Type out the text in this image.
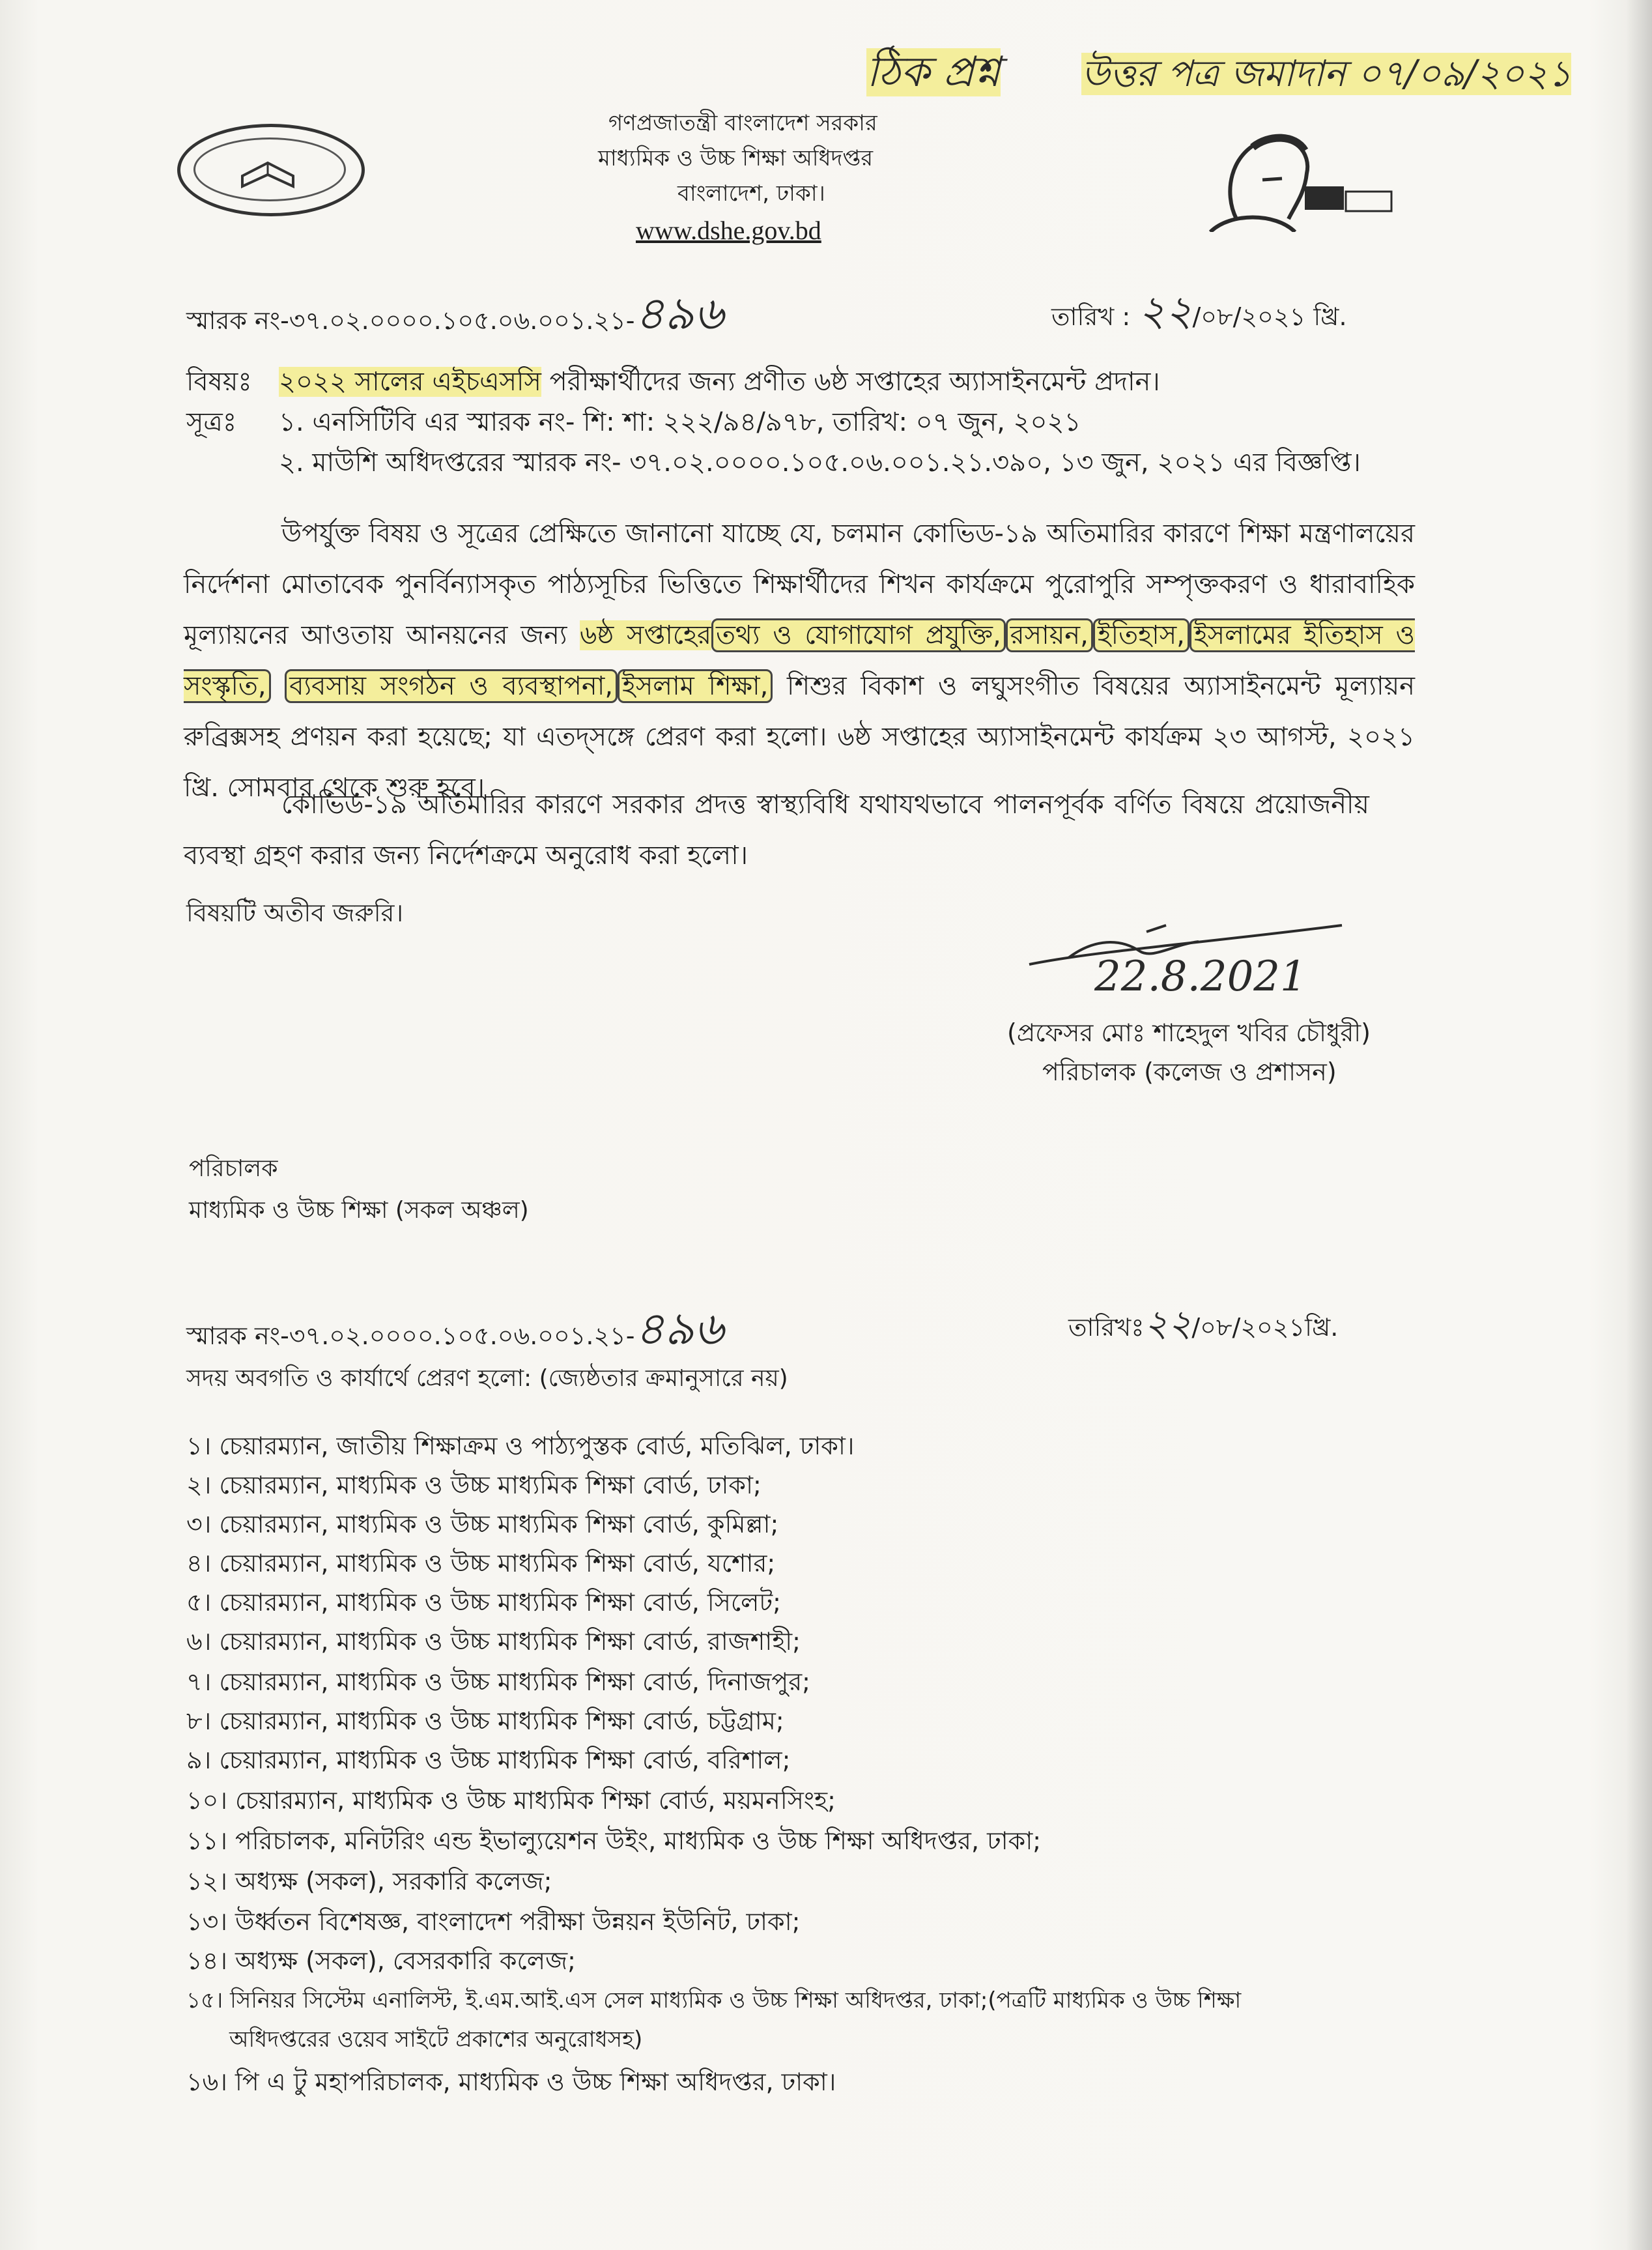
ঠিক প্রশ্ন উত্তর পত্র জমাদান ০৭/০৯/২০২১
গণপ্রজাতন্ত্রী বাংলাদেশ সরকার
মাধ্যমিক ও উচ্চ শিক্ষা অধিদপ্তর
বাংলাদেশ, ঢাকা।
www.dshe.gov.bd
স্মারক নং-৩৭.০২.০০০০.১০৫.০৬.০০১.২১-৪৯৬	তারিখ : ২২/০৮/২০২১ খ্রি.
বিষয়ঃ ২০২২ সালের এইচএসসি পরীক্ষার্থীদের জন্য প্রণীত ৬ষ্ঠ সপ্তাহের অ্যাসাইনমেন্ট প্রদান।
সূত্রঃ ১. এনসিটিবি এর স্মারক নং- শি: শা: ২২২/৯৪/৯৭৮, তারিখ: ০৭ জুন, ২০২১
২. মাউশি অধিদপ্তরের স্মারক নং- ৩৭.০২.০০০০.১০৫.০৬.০০১.২১.৩৯০, ১৩ জুন, ২০২১ এর বিজ্ঞপ্তি।
উপর্যুক্ত বিষয় ও সূত্রের প্রেক্ষিতে জানানো যাচ্ছে যে, চলমান কোভিড-১৯ অতিমারির কারণে শিক্ষা মন্ত্রণালয়ের নির্দেশনা মোতাবেক পুনর্বিন্যাসকৃত পাঠ্যসূচির ভিত্তিতে শিক্ষার্থীদের শিখন কার্যক্রমে পুরোপুরি সম্পৃক্তকরণ ও ধারাবাহিক মূল্যায়নের আওতায় আনয়নের জন্য ৬ষ্ঠ সপ্তাহের তথ্য ও যোগাযোগ প্রযুক্তি, রসায়ন, ইতিহাস, ইসলামের ইতিহাস ও সংস্কৃতি, ব্যবসায় সংগঠন ও ব্যবস্থাপনা, ইসলাম শিক্ষা, শিশুর বিকাশ ও লঘুসংগীত বিষয়ের অ্যাসাইনমেন্ট মূল্যায়ন রুব্রিক্সসহ প্রণয়ন করা হয়েছে; যা এতদ্সঙ্গে প্রেরণ করা হলো। ৬ষ্ঠ সপ্তাহের অ্যাসাইনমেন্ট কার্যক্রম ২৩ আগস্ট, ২০২১ খ্রি. সোমবার থেকে শুরু হবে।
কোভিড-১৯ অতিমারির কারণে সরকার প্রদত্ত স্বাস্থ্যবিধি যথাযথভাবে পালনপূর্বক বর্ণিত বিষয়ে প্রয়োজনীয় ব্যবস্থা গ্রহণ করার জন্য নির্দেশক্রমে অনুরোধ করা হলো।
বিষয়টি অতীব জরুরি।
22.8.2021
(প্রফেসর মোঃ শাহেদুল খবির চৌধুরী)
পরিচালক (কলেজ ও প্রশাসন)
পরিচালক
মাধ্যমিক ও উচ্চ শিক্ষা (সকল অঞ্চল)
স্মারক নং-৩৭.০২.০০০০.১০৫.০৬.০০১.২১-৪৯৬	তারিখঃ২২/০৮/২০২১খ্রি.
সদয় অবগতি ও কার্যার্থে প্রেরণ হলো: (জ্যেষ্ঠতার ক্রমানুসারে নয়)
১। চেয়ারম্যান, জাতীয় শিক্ষাক্রম ও পাঠ্যপুস্তক বোর্ড, মতিঝিল, ঢাকা।
২। চেয়ারম্যান, মাধ্যমিক ও উচ্চ মাধ্যমিক শিক্ষা বোর্ড, ঢাকা;
৩। চেয়ারম্যান, মাধ্যমিক ও উচ্চ মাধ্যমিক শিক্ষা বোর্ড, কুমিল্লা;
৪। চেয়ারম্যান, মাধ্যমিক ও উচ্চ মাধ্যমিক শিক্ষা বোর্ড, যশোর;
৫। চেয়ারম্যান, মাধ্যমিক ও উচ্চ মাধ্যমিক শিক্ষা বোর্ড, সিলেট;
৬। চেয়ারম্যান, মাধ্যমিক ও উচ্চ মাধ্যমিক শিক্ষা বোর্ড, রাজশাহী;
৭। চেয়ারম্যান, মাধ্যমিক ও উচ্চ মাধ্যমিক শিক্ষা বোর্ড, দিনাজপুর;
৮। চেয়ারম্যান, মাধ্যমিক ও উচ্চ মাধ্যমিক শিক্ষা বোর্ড, চট্টগ্রাম;
৯। চেয়ারম্যান, মাধ্যমিক ও উচ্চ মাধ্যমিক শিক্ষা বোর্ড, বরিশাল;
১০। চেয়ারম্যান, মাধ্যমিক ও উচ্চ মাধ্যমিক শিক্ষা বোর্ড, ময়মনসিংহ;
১১। পরিচালক, মনিটরিং এন্ড ইভাল্যুয়েশন উইং, মাধ্যমিক ও উচ্চ শিক্ষা অধিদপ্তর, ঢাকা;
১২। অধ্যক্ষ (সকল), সরকারি কলেজ;
১৩। উর্ধ্বতন বিশেষজ্ঞ, বাংলাদেশ পরীক্ষা উন্নয়ন ইউনিট, ঢাকা;
১৪। অধ্যক্ষ (সকল), বেসরকারি কলেজ;
১৫। সিনিয়র সিস্টেম এনালিস্ট, ই.এম.আই.এস সেল মাধ্যমিক ও উচ্চ শিক্ষা অধিদপ্তর, ঢাকা;(পত্রটি মাধ্যমিক ও উচ্চ শিক্ষা
অধিদপ্তরের ওয়েব সাইটে প্রকাশের অনুরোধসহ)
১৬। পি এ টু মহাপরিচালক, মাধ্যমিক ও উচ্চ শিক্ষা অধিদপ্তর, ঢাকা।
